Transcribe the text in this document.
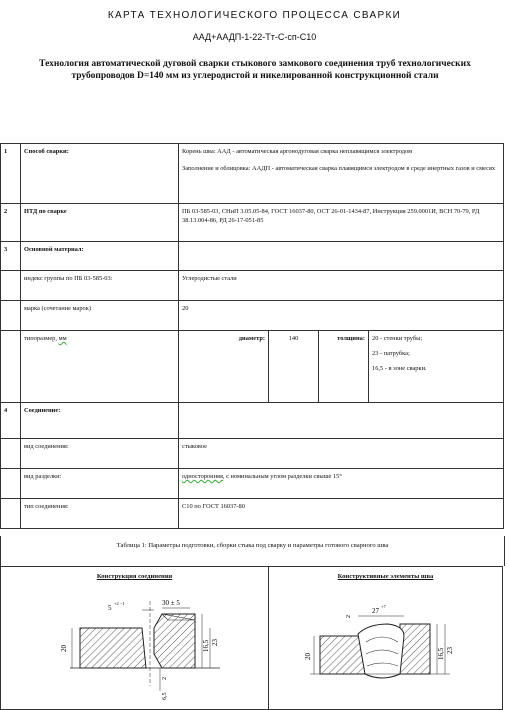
КАРТА ТЕХНОЛОГИЧЕСКОГО ПРОЦЕССА СВАРКИ
ААД+ААДП-1-22-Тт-С-сп-С10
Технология автоматической дуговой сварки стыкового замкового соединения труб технологических трубопроводов D=140 мм из углеродистой и никелированной конструкционной стали
1	Способ сварки:	Корень шва: ААД - автоматическая аргонодуговая сварка неплавящимся электродом
Заполнение и облицовка: ААДП - автоматическая сварка плавящимся электродом в среде инертных газов и смесях			

2	НТД по сварке	ПБ 03-585-03, СНиП 3.05.05-84, ГОСТ 16037-80, ОСТ 26-01-1434-87, Инструкция 259.0001И, ВСН 70-79, РД 38.13.004-86, РД 26-17-051-85			
3	Основной материал:				
	индекс группы по ПБ 03-585-03:	Углеродистые стали			
	марка (сочетание марок)	20			
	типоразмер, мм	диаметр:	140	толщина:	20 - стенки трубы;
23 - патрубка;
16,5 - в зоне сварки.

4	Соединение:				
	вид соединения:	стыковое			
	вид разделки:	односторонняя, с номинальным углом разделки свыше 15°			
	тип соединения:	С10 по ГОСТ 16037-80			
Таблица 1: Параметры подготовки, сборки стыка под сварку и параметры готового сварного шва
Конструкция соединения	Конструктивные элементы шва
5
+2 −1	30 ± 5
20	16,5 23
2
6,5
2
27
+7
20	16,5 23
